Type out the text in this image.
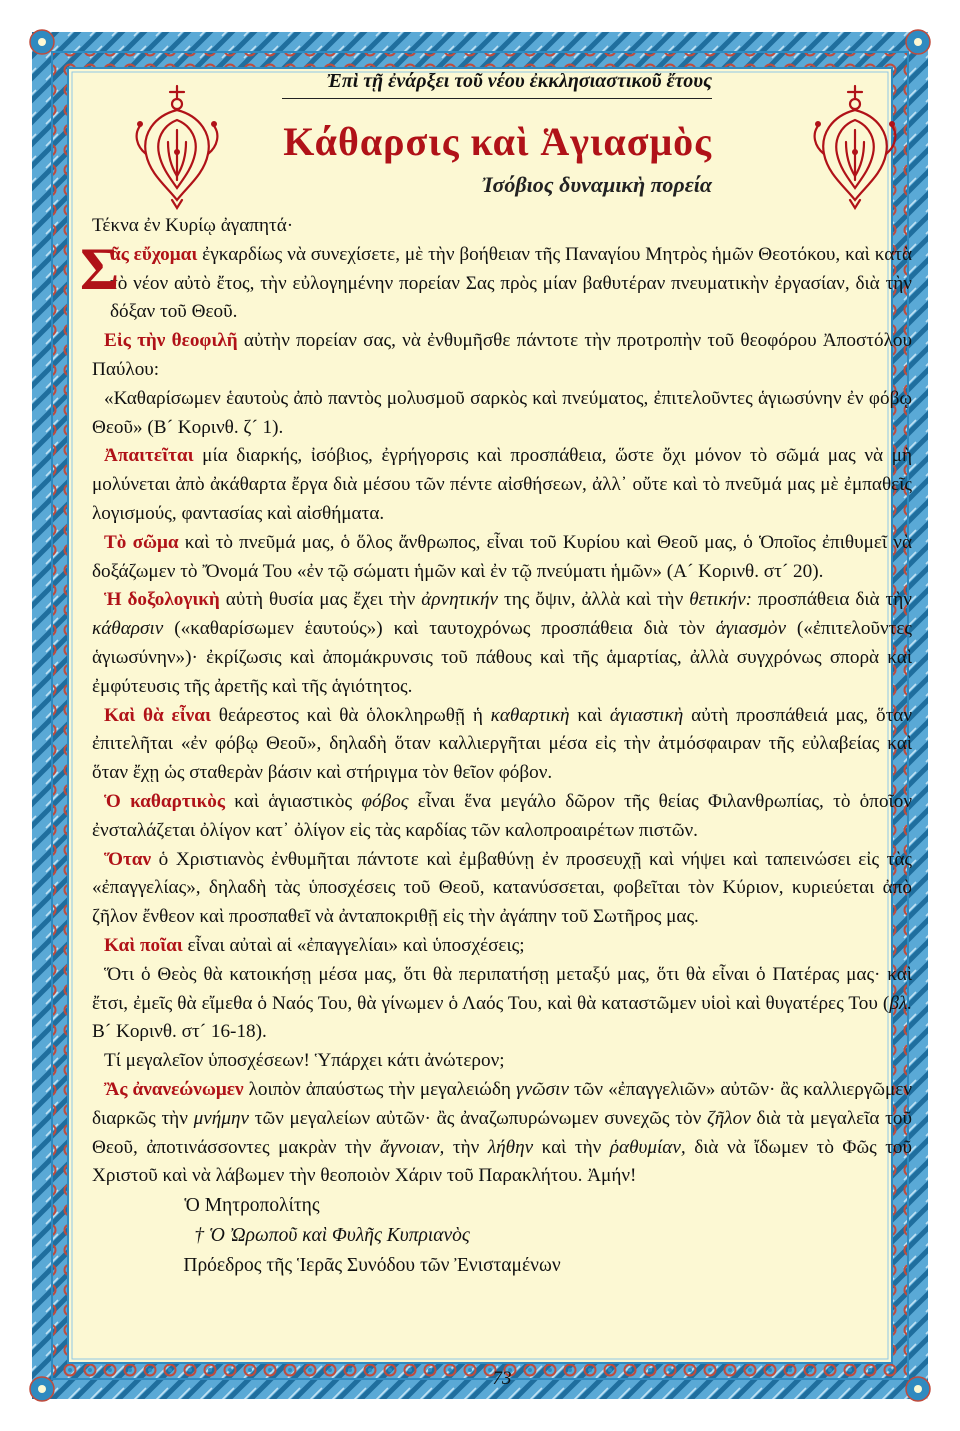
Ἐπὶ τῇ ἐνάρξει τοῦ νέου ἐκκλησιαστικοῦ ἔτους
Κάθαρσις καὶ Ἁγιασμὸς
Ἰσόβιος δυναμικὴ πορεία

Τέκνα ἐν Κυρίῳ ἀγαπητά·

Σ
ᾶς εὔχομαι ἐγκαρδίως νὰ συνεχίσετε, μὲ τὴν βοήθειαν τῆς Παναγίου Μητρὸς ἡμῶν Θεοτόκου, καὶ κατὰ τὸ νέον αὐτὸ ἔτος, τὴν εὐλογημένην πορείαν Σας πρὸς μίαν βαθυτέραν πνευματικὴν ἐργασίαν, διὰ τὴν δόξαν τοῦ Θεοῦ.

Εἰς τὴν θεοφιλῆ αὐτὴν πορείαν σας, νὰ ἐνθυμῆσθε πάντοτε τὴν προτροπὴν τοῦ θεοφόρου Ἀποστόλου Παύλου:

«Καθαρίσωμεν ἑαυτοὺς ἀπὸ παντὸς μολυσμοῦ σαρκὸς καὶ πνεύματος, ἐπιτελοῦντες ἁγιωσύνην ἐν φόβῳ Θεοῦ» (Β´ Κορινθ. ζ´ 1).

Ἀπαιτεῖται μία διαρκής, ἰσόβιος, ἐγρήγορσις καὶ προσπάθεια, ὥστε ὄχι μόνον τὸ σῶμά μας νὰ μὴ μολύνεται ἀπὸ ἀκάθαρτα ἔργα διὰ μέσου τῶν πέντε αἰσθήσεων, ἀλλ᾿ οὔτε καὶ τὸ πνεῦμά μας μὲ ἐμπαθεῖς λογισμούς, φαντασίας καὶ αἰσθήματα.

Τὸ σῶμα καὶ τὸ πνεῦμά μας, ὁ ὅλος ἄνθρωπος, εἶναι τοῦ Κυρίου καὶ Θεοῦ μας, ὁ Ὁποῖος ἐπιθυμεῖ νὰ δοξάζωμεν τὸ Ὄνομά Του «ἐν τῷ σώματι ἡμῶν καὶ ἐν τῷ πνεύματι ἡμῶν» (Α´ Κορινθ. στ´ 20).

Ἡ δοξολογικὴ αὐτὴ θυσία μας ἔχει τὴν ἀρνητικήν της ὄψιν, ἀλλὰ καὶ τὴν θετικήν: προσπάθεια διὰ τὴν κάθαρσιν («καθαρίσωμεν ἑαυτούς») καὶ ταυτοχρόνως προσπάθεια διὰ τὸν ἁγιασμὸν («ἐπιτελοῦντες ἁγιωσύνην»)· ἐκρίζωσις καὶ ἀπομάκρυνσις τοῦ πάθους καὶ τῆς ἁμαρτίας, ἀλλὰ συγχρόνως σπορὰ καὶ ἐμφύτευσις τῆς ἀρετῆς καὶ τῆς ἁγιότητος.

Καὶ θὰ εἶναι θεάρεστος καὶ θὰ ὁλοκληρωθῇ ἡ καθαρτικὴ καὶ ἁγιαστικὴ αὐτὴ προσπάθειά μας, ὅταν ἐπιτελῆται «ἐν φόβῳ Θεοῦ», δηλαδὴ ὅταν καλλιεργῆται μέσα εἰς τὴν ἀτμόσφαιραν τῆς εὐλαβείας καὶ ὅταν ἔχῃ ὡς σταθερὰν βάσιν καὶ στήριγμα τὸν θεῖον φόβον.

Ὁ καθαρτικὸς καὶ ἁγιαστικὸς φόβος εἶναι ἕνα μεγάλο δῶρον τῆς θείας Φιλανθρωπίας, τὸ ὁποῖον ἐνσταλάζεται ὀλίγον κατ᾿ ὀλίγον εἰς τὰς καρδίας τῶν καλοπροαιρέτων πιστῶν.

Ὅταν ὁ Χριστιανὸς ἐνθυμῆται πάντοτε καὶ ἐμβαθύνῃ ἐν προσευχῇ καὶ νήψει καὶ ταπεινώσει εἰς τὰς «ἐπαγγελίας», δηλαδὴ τὰς ὑποσχέσεις τοῦ Θεοῦ, κατανύσσεται, φοβεῖται τὸν Κύριον, κυριεύεται ἀπὸ ζῆλον ἔνθεον καὶ προσπαθεῖ νὰ ἀνταποκριθῇ εἰς τὴν ἀγάπην τοῦ Σωτῆρος μας.

Καὶ ποῖαι εἶναι αὐταὶ αἱ «ἐπαγγελίαι» καὶ ὑποσχέσεις;

Ὅτι ὁ Θεὸς θὰ κατοικήσῃ μέσα μας, ὅτι θὰ περιπατήσῃ μεταξύ μας, ὅτι θὰ εἶναι ὁ Πατέρας μας· καὶ ἔτσι, ἐμεῖς θὰ εἴμεθα ὁ Ναός Του, θὰ γίνωμεν ὁ Λαός Του, καὶ θὰ καταστῶμεν υἱοὶ καὶ θυγατέρες Του (βλ. Β´ Κορινθ. στ´ 16-18).

Τί μεγαλεῖον ὑποσχέσεων! Ὑπάρχει κάτι ἀνώτερον;

Ἂς ἀνανεώνωμεν λοιπὸν ἀπαύστως τὴν μεγαλειώδη γνῶσιν τῶν «ἐπαγγελιῶν» αὐτῶν· ἂς καλλιεργῶμεν διαρκῶς τὴν μνήμην τῶν μεγαλείων αὐτῶν· ἂς ἀναζωπυρώνωμεν συνεχῶς τὸν ζῆλον διὰ τὰ μεγαλεῖα τοῦ Θεοῦ, ἀποτινάσσοντες μακρὰν τὴν ἄγνοιαν, τὴν λήθην καὶ τὴν ῥαθυμίαν, διὰ νὰ ἴδωμεν τὸ Φῶς τοῦ Χριστοῦ καὶ νὰ λάβωμεν τὴν θεοποιὸν Χάριν τοῦ Παρακλήτου. Ἀμήν!

Ὁ Μητροπολίτης

† Ὁ Ὠρωποῦ καὶ Φυλῆς Κυπριανὸς

Πρόεδρος τῆς Ἱερᾶς Συνόδου τῶν Ἐνισταμένων

73
